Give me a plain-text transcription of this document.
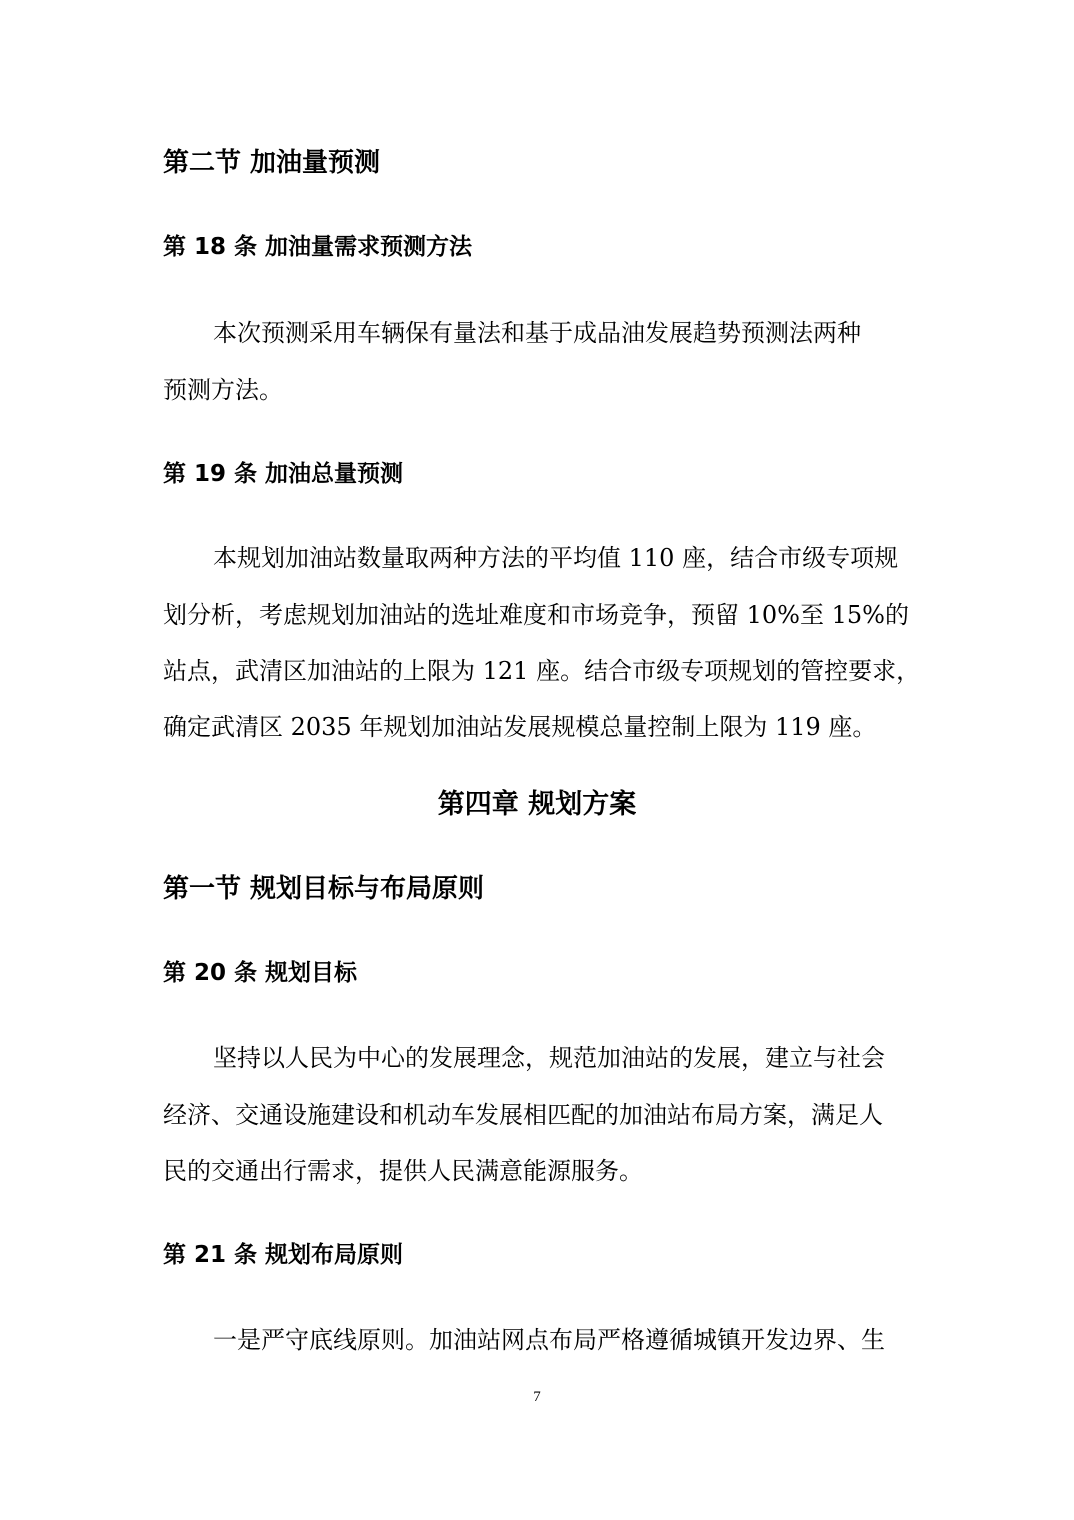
第二节 加油量预测
第 18 条 加油量需求预测方法
本次预测采用车辆保有量法和基于成品油发展趋势预测法两种
预测方法。
第 19 条 加油总量预测
本规划加油站数量取两种方法的平均值 110 座，结合市级专项规
划分析，考虑规划加油站的选址难度和市场竞争，预留 10%至 15%的
站点，武清区加油站的上限为 121 座。结合市级专项规划的管控要求，
确定武清区 2035 年规划加油站发展规模总量控制上限为 119 座。
第四章 规划方案
第一节 规划目标与布局原则
第 20 条 规划目标
坚持以人民为中心的发展理念，规范加油站的发展，建立与社会
经济、交通设施建设和机动车发展相匹配的加油站布局方案，满足人
民的交通出行需求，提供人民满意能源服务。
第 21 条 规划布局原则
一是严守底线原则。加油站网点布局严格遵循城镇开发边界、生
7
